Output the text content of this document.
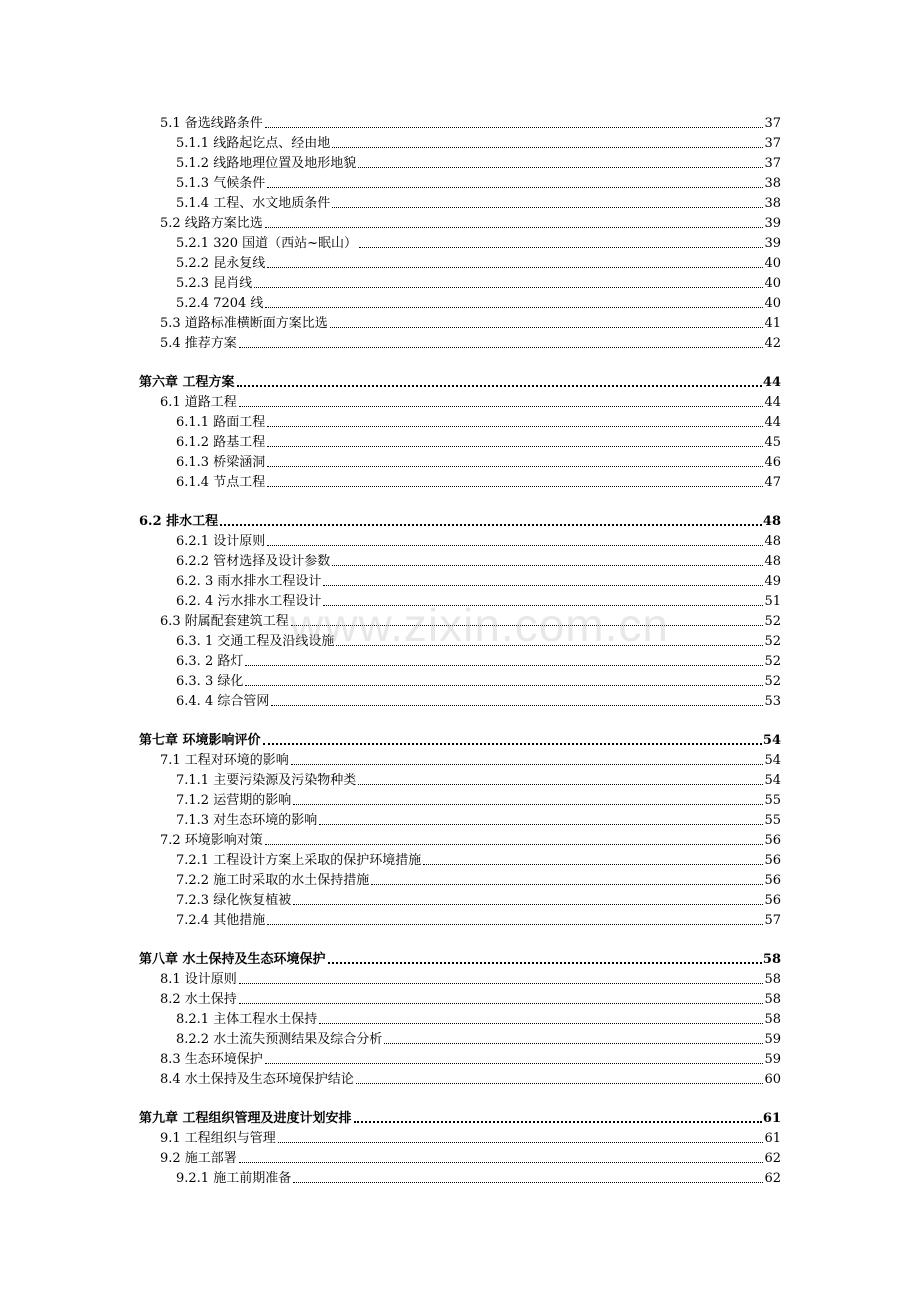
5.1 备选线路条件	37
5.1.1 线路起讫点、经由地	37
5.1.2 线路地理位置及地形地貌	37
5.1.3 气候条件	38
5.1.4 工程、水文地质条件	38
5.2 线路方案比选	39
5.2.1 320 国道（西站~眠山）	39
5.2.2 昆永复线	40
5.2.3 昆肖线	40
5.2.4 7204 线	40
5.3 道路标准横断面方案比选	41
5.4 推荐方案	42
第六章 工程方案	44
6.1 道路工程	44
6.1.1 路面工程	44
6.1.2 路基工程	45
6.1.3 桥梁涵洞	46
6.1.4 节点工程	47
6.2 排水工程	48
6.2.1 设计原则	48
6.2.2 管材选择及设计参数	48
6.2. 3 雨水排水工程设计	49
6.2. 4 污水排水工程设计	51
6.3 附属配套建筑工程	52
6.3. 1 交通工程及沿线设施	52
6.3. 2 路灯	52
6.3. 3 绿化	52
6.4. 4 综合管网	53
第七章 环境影响评价	54
7.1 工程对环境的影响	54
7.1.1 主要污染源及污染物种类	54
7.1.2 运营期的影响	55
7.1.3 对生态环境的影响	55
7.2 环境影响对策	56
7.2.1 工程设计方案上采取的保护环境措施	56
7.2.2 施工时采取的水土保持措施	56
7.2.3 绿化恢复植被	56
7.2.4 其他措施	57
第八章 水土保持及生态环境保护	58
8.1 设计原则	58
8.2 水土保持	58
8.2.1 主体工程水土保持	58
8.2.2 水土流失预测结果及综合分析	59
8.3 生态环境保护	59
8.4 水土保持及生态环境保护结论	60
第九章 工程组织管理及进度计划安排	61
9.1 工程组织与管理	61
9.2 施工部署	62
9.2.1 施工前期准备	62
www.zixin.com.cn
